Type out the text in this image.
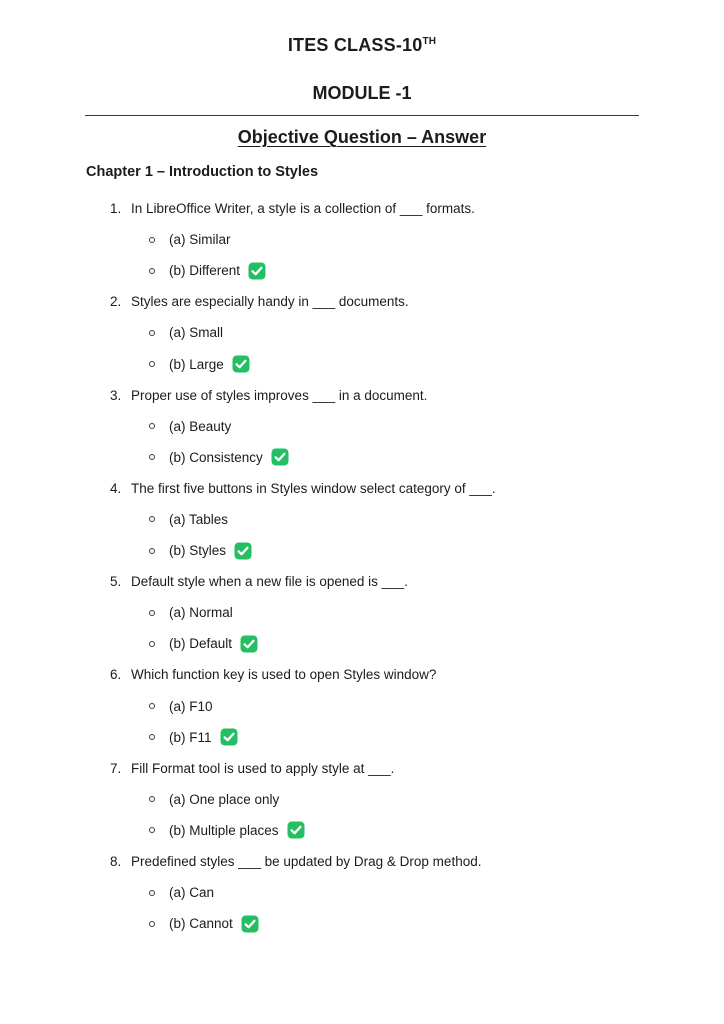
ITES CLASS-10TH
MODULE -1
Objective Question – Answer
Chapter 1 – Introduction to Styles
1. In LibreOffice Writer, a style is a collection of ___ formats.
(a) Similar
(b) Different
2. Styles are especially handy in ___ documents.
(a) Small
(b) Large
3. Proper use of styles improves ___ in a document.
(a) Beauty
(b) Consistency
4. The first five buttons in Styles window select category of ___.
(a) Tables
(b) Styles
5. Default style when a new file is opened is ___.
(a) Normal
(b) Default
6. Which function key is used to open Styles window?
(a) F10
(b) F11
7. Fill Format tool is used to apply style at ___.
(a) One place only
(b) Multiple places
8. Predefined styles ___ be updated by Drag & Drop method.
(a) Can
(b) Cannot
